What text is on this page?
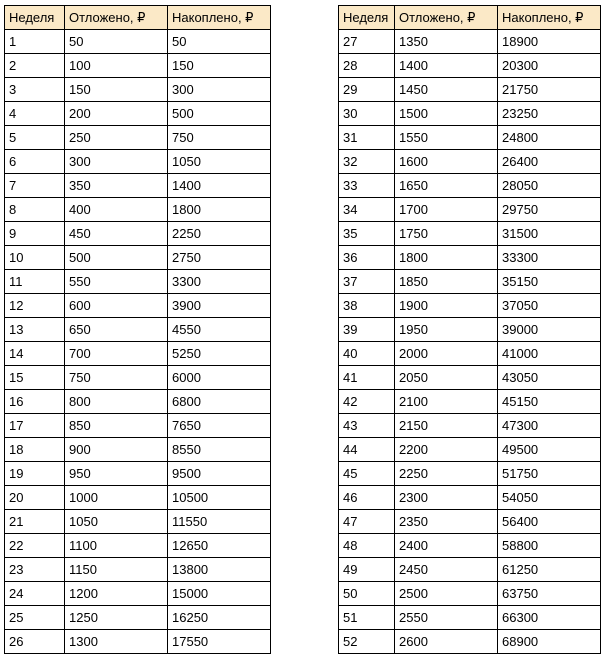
Неделя	Отложено, ₽	Накоплено, ₽
1	50	50
2	100	150
3	150	300
4	200	500
5	250	750
6	300	1050
7	350	1400
8	400	1800
9	450	2250
10	500	2750
11	550	3300
12	600	3900
13	650	4550
14	700	5250
15	750	6000
16	800	6800
17	850	7650
18	900	8550
19	950	9500
20	1000	10500
21	1050	11550
22	1100	12650
23	1150	13800
24	1200	15000
25	1250	16250
26	1300	17550
Неделя	Отложено, ₽	Накоплено, ₽
27	1350	18900
28	1400	20300
29	1450	21750
30	1500	23250
31	1550	24800
32	1600	26400
33	1650	28050
34	1700	29750
35	1750	31500
36	1800	33300
37	1850	35150
38	1900	37050
39	1950	39000
40	2000	41000
41	2050	43050
42	2100	45150
43	2150	47300
44	2200	49500
45	2250	51750
46	2300	54050
47	2350	56400
48	2400	58800
49	2450	61250
50	2500	63750
51	2550	66300
52	2600	68900
